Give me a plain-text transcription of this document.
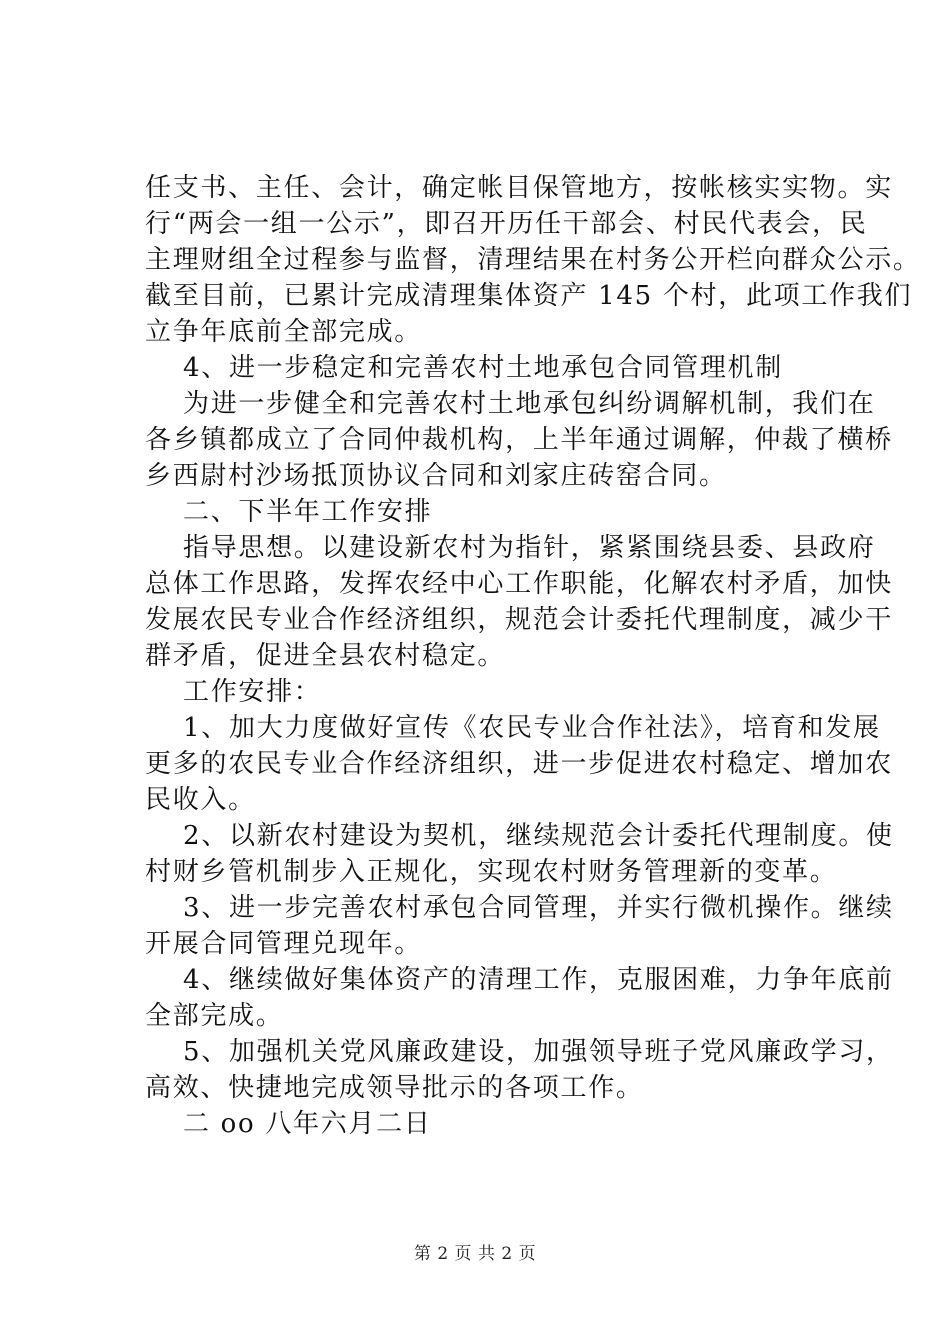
任支书、主任、会计，确定帐目保管地方，按帐核实实物。实
行“两会一组一公示”，即召开历任干部会、村民代表会，民
主理财组全过程参与监督，清理结果在村务公开栏向群众公示。
截至目前，已累计完成清理集体资产 145 个村，此项工作我们
立争年底前全部完成。
4、进一步稳定和完善农村土地承包合同管理机制
为进一步健全和完善农村土地承包纠纷调解机制，我们在
各乡镇都成立了合同仲裁机构，上半年通过调解，仲裁了横桥
乡西尉村沙场抵顶协议合同和刘家庄砖窑合同。
二、下半年工作安排
指导思想。以建设新农村为指针，紧紧围绕县委、县政府
总体工作思路，发挥农经中心工作职能，化解农村矛盾，加快
发展农民专业合作经济组织，规范会计委托代理制度，减少干
群矛盾，促进全县农村稳定。
工作安排：
1、加大力度做好宣传《农民专业合作社法》，培育和发展
更多的农民专业合作经济组织，进一步促进农村稳定、增加农
民收入。
2、以新农村建设为契机，继续规范会计委托代理制度。使
村财乡管机制步入正规化，实现农村财务管理新的变革。
3、进一步完善农村承包合同管理，并实行微机操作。继续
开展合同管理兑现年。
4、继续做好集体资产的清理工作，克服困难，力争年底前
全部完成。
5、加强机关党风廉政建设，加强领导班子党风廉政学习，
高效、快捷地完成领导批示的各项工作。
二 oo 八年六月二日
第 2 页 共 2 页
